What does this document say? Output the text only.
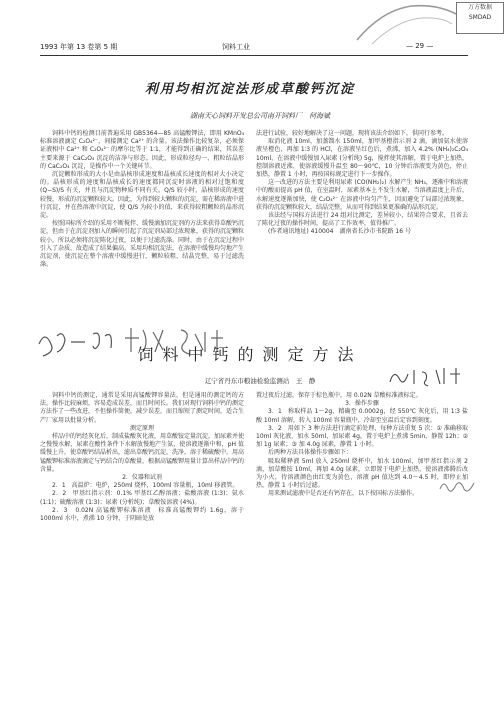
万方数据
SMDAD
1993 年第 13 卷第 5 期	饲料工业	— 29 —
利用均相沉淀法形成草酸钙沉淀
湖南天心饲料开发总公司南开饲料厂　何海斌

饲料中钙的检测目前普遍采用 GB5364—85 高锰酸钾法，即用 KMnO₄ 标准溶液滴定 C₂O₄²⁻，间接测定 Ca²⁺ 的含量。该法操作比较复杂，必须保证液相中 Ca²⁺ 和 C₂O₄²⁻ 的摩尔比等于 1∶1，才能得到正确的结果，其误差主要来源于 CaC₂O₄ 沉淀的洁净与形态。因此，形成粒径均一、粗粒结晶形的 CaC₂O₄ 沉淀，是操作中一个关键环节。

沉淀颗粒形成的大小是由晶核形成速度和晶核成长速度的相对大小决定的。晶核形成的速度和晶核成长的速度都同沉淀时溶液的相对过饱和度 (Q−S)/S 有关，并且与沉淀物种质不同有关。Q/S 较小时，晶核形成的速度较慢，形成的沉淀颗粒较大。因此，为得到较大颗粒的沉淀，需在稀溶液中进行沉淀，并在热溶液中沉淀，使 Q/S 为较小的值，来获得较粗颗粒的晶形沉淀。

按照国标所介绍的采用不断搅拌、缓慢滴加沉淀剂的方法来获得草酸钙沉淀，但由于在沉淀剂加入的瞬间引起了沉淀剂局部过浓现象，获得的沉淀颗粒较小，所以必须将沉淀陈化过夜，以便于过滤洗涤。同时，由于在沉淀过程中引入了杂质，故造成了结果偏高。采用均相沉淀法，在溶液中缓慢均匀地产生沉淀剂，使沉淀在整个溶液中缓慢进行，颗粒较粗，结晶完整，易于过滤洗涤。

法进行试验，较好地解决了这一问题，现将该法介绍如下，供同行参考。

取消化液 10ml，加蒸馏水 150ml，加甲基橙指示剂 2 滴，滴加氨水使溶液呈橙色，再加 1∶3 的 HCl，在溶液呈红色后，煮沸，加入 4.2% (NH₄)₂C₂O₄ 10ml，在溶液中缓慢加入尿素 (分析纯) 5g，搅拌使其溶解，置于电炉上加热，控制溶液近沸，使溶液缓慢升温至 80～90℃，10 分钟后溶液变为黄色，停止加热，静置 1 小时，再按国标规定进行下一步操作。

这一改进的方法主要是利用尿素 (CO(NH₂)₂) 水解产生 NH₃，逐渐中和溶液中的酸而提高 pH 值，在室温时，尿素基本上不发生水解，当溶液温度上升后，水解速度逐渐加快，使 C₂O₄²⁻ 在溶液中均匀产生，因而避免了局部过浓现象，获得的沉淀颗粒较大，结晶完整，从而可得到结果更准确的晶形沉淀。

该法经与国标方法进行 24 组对比测定，差异较小，结果符合要求，且省去了陈化过夜的操作时间，提高了工作效率，值得推广。

(作者通讯地址) 410004　湖南省长沙市书院路 16 号

饲料中钙的测定方法
辽宁省丹东市粮油检验监测站　王　静

饲料中钙的测定，通常是采用高锰酸钾容量法，但是通用的测定钙的方法，操作比较麻烦，容易造成误差，而且时间长。我们对现行饲料中钙的测定方法作了一些改进，不但操作简便，减少误差，而且缩短了测定时间，适合生产厂家用以批量分析。

测定原理

样品中的钙经灰化后，制成盐酸灰化液，用草酸铵定量沉淀，加尿素并使之慢慢水解，尿素在酸性条件下水解放慢地产生氨，使溶液逐渐中和，pH 值缓慢上升，使草酸钙结晶析出，滤出草酸钙沉淀，洗净，溶于稀硫酸中，用高锰酸钾标准溶液滴定与钙结合的草酸量，根据高锰酸钾用量计算出样品中钙的含量。

2．仪器和试剂

2．1　高温炉：电炉，250ml 烧杯，100ml 容量瓶，10ml 移液管。

2．2　甲基红指示剂：0.1% 甲基红乙醇溶液；盐酸溶液 (1∶3)；氨水 (1∶1)；硫酸溶液 (1∶3)；尿素 (分析纯)；草酸铵溶液 (4%)。

2．3　0.02N 高锰酸钾标准溶液　标准高锰酸钾约 1.6g，溶于 1000ml 水中，煮沸 10 分钟，于阴暗处放

置过夜后过滤，保存于棕色瓶中，用 0.02N 草酸标准液标定。

3．操作步骤

3．1　称取样品 1～2g，精确至 0.0002g，经 550℃ 灰化后，用 1∶3 盐酸 10ml 溶解，转入 100ml 容量瓶中，冷却至室温后定容到刻度。

3．2　用如下 3 种方法进行滴定前处理，每种方法重复 5 次：① 准确移取 10ml 灰化液，加水 50ml，加尿素 4g，置于电炉上煮沸 5min，静置 12h；② 加 1g 尿素；③ 加 4.0g 尿素，静置 1 小时。

后两种方法具体操作步骤如下：

吸取稀释液 5ml 放入 250ml 烧杯中，加水 100ml，加甲基红指示剂 2 滴，加草酸铵 10ml，再加 4.0g 尿素，立即置于电炉上加热，使溶液沸腾后改为小火，待溶液颜色由红变为黄色，溶液 pH 值达到 4.0～4.5 时，即停止加热，静置 1 小时后过滤。

用来测试滤液中是否还有钙存在，以下按国标方法操作。
